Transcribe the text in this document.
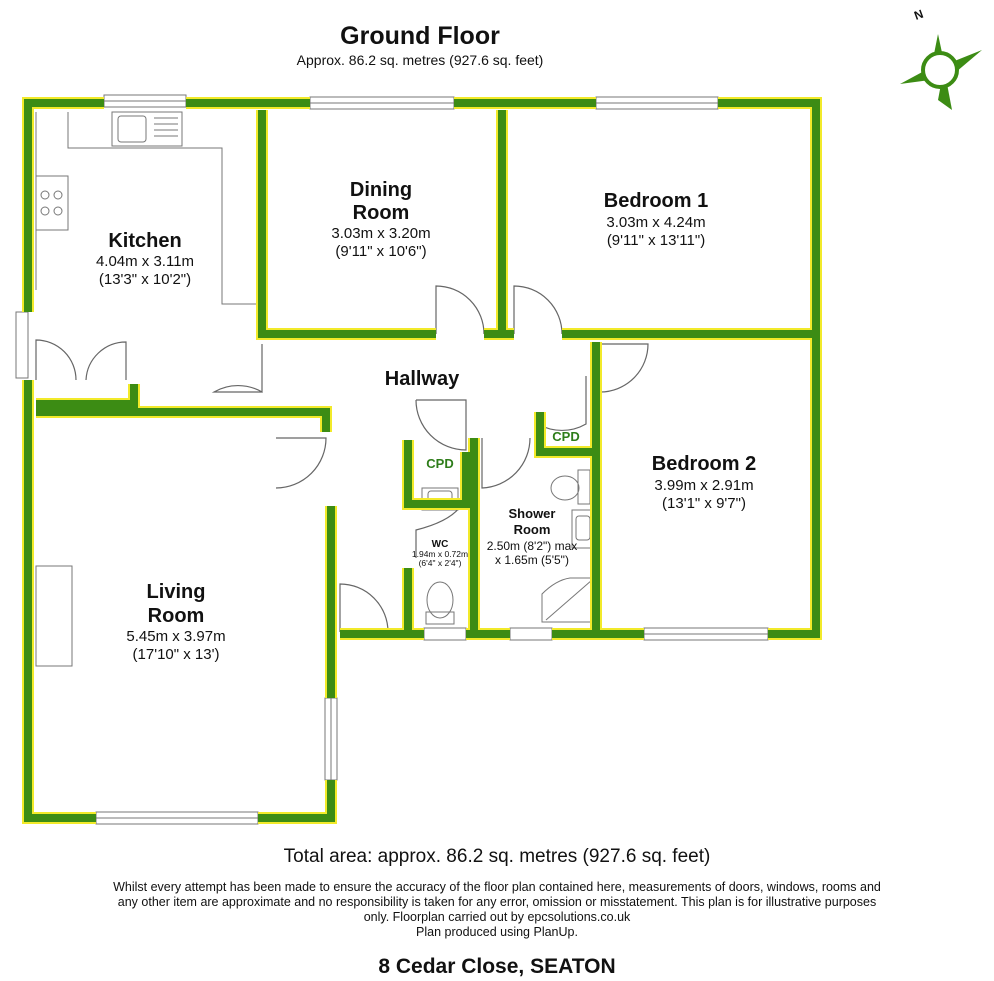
Ground Floor
Approx. 86.2 sq. metres (927.6 sq. feet)
N
Kitchen
4.04m x 3.11m
(13'3" x 10'2")
Dining
Room
3.03m x 3.20m
(9'11" x 10'6")
Bedroom 1
3.03m x 4.24m
(9'11" x 13'11")
Hallway
Bedroom 2
3.99m x 2.91m
(13'1" x 9'7")
Living
Room
5.45m x 3.97m
(17'10" x 13')
WC
1.94m x 0.72m
(6'4" x 2'4")
Shower
Room
2.50m (8'2") max
x 1.65m (5'5")
CPD
CPD
Total area: approx. 86.2 sq. metres (927.6 sq. feet)
Whilst every attempt has been made to ensure the accuracy of the floor plan contained here, measurements of doors, windows, rooms and
any other item are approximate and no responsibility is taken for any error, omission or misstatement. This plan is for illustrative purposes
only. Floorplan carried out by epcsolutions.co.uk
Plan produced using PlanUp.
8 Cedar Close, SEATON
